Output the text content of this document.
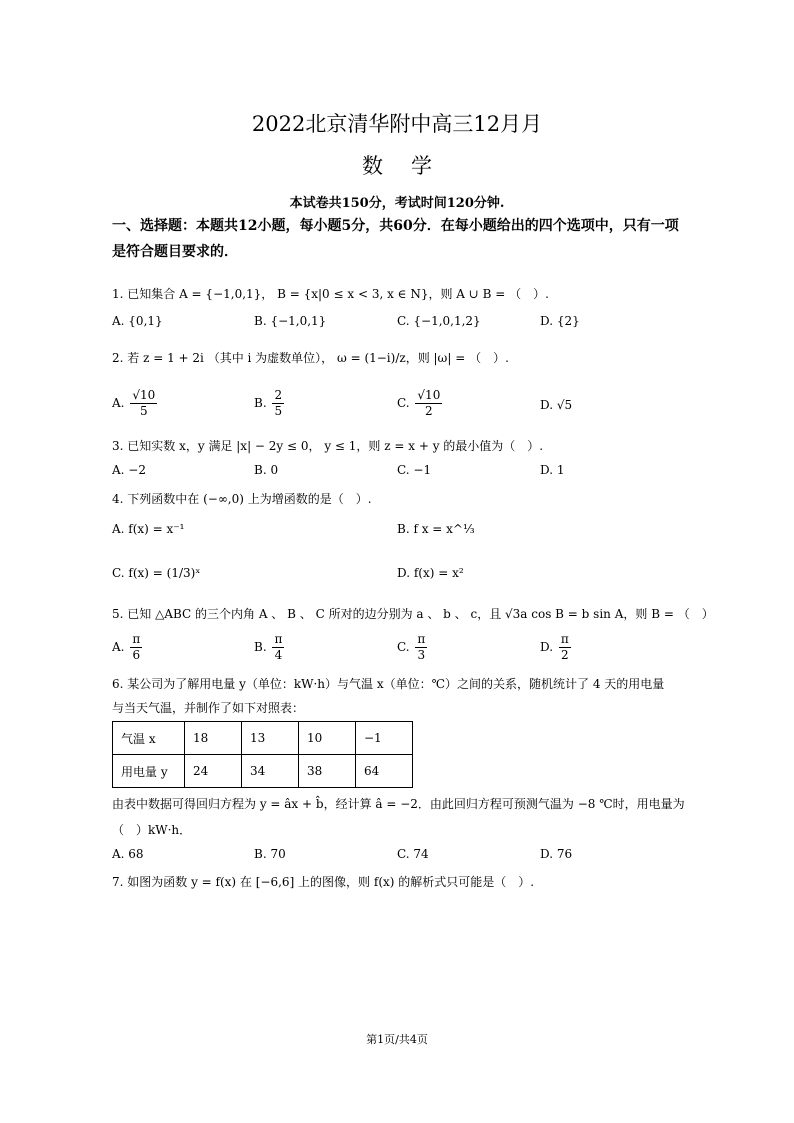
2022北京清华附中高三12月月
数学
本试卷共150分，考试时间120分钟.
一、选择题：本题共12小题，每小题5分，共60分．在每小题给出的四个选项中，只有一项是符合题目要求的．
1. 已知集合 A = {−1,0,1}， B = {x|0 ≤ x < 3, x ∈ N}，则 A ∪ B = （　）.
A. {0,1}	B. {−1,0,1}	C. {−1,0,1,2}	D. {2}
2. 若 z = 1 + 2i （其中 i 为虚数单位）， ω = (1−i)/z，则 |ω| = （　）.
A. $\frac{√10}{5}$	B. $\frac{2}{5}$	C. $\frac{√10}{2}$	D. √5
3. 已知实数 x，y 满足 |x| − 2y ≤ 0， y ≤ 1，则 z = x + y 的最小值为（　）.
A. −2	B. 0	C. −1	D. 1
4. 下列函数中在 (−∞,0) 上为增函数的是（　）.
A. f(x) = x⁻¹	B. f x = x^⅓
C. f(x) = (1/3)ˣ	D. f(x) = x²
5. 已知 △ABC 的三个内角 A 、 B 、 C 所对的边分别为 a 、 b 、 c，且 √3a cos B = b sin A，则 B = （　）
A. $\frac{\pi}{6}$	B. $\frac{\pi}{4}$	C. $\frac{\pi}{3}$	D. $\frac{\pi}{2}$
6. 某公司为了解用电量 y（单位：kW·h）与气温 x（单位：℃）之间的关系，随机统计了 4 天的用电量
与当天气温，并制作了如下对照表：
气温 x	18	13	10	−1
用电量 y	24	34	38	64
由表中数据可得回归方程为 y = âx + b̂，经计算 â = −2．由此回归方程可预测气温为 −8 ℃时，用电量为
（　）kW·h．
A. 68	B. 70	C. 74	D. 76
7. 如图为函数 y = f(x) 在 [−6,6] 上的图像，则 f(x) 的解析式只可能是（　）.
第1页/共4页
